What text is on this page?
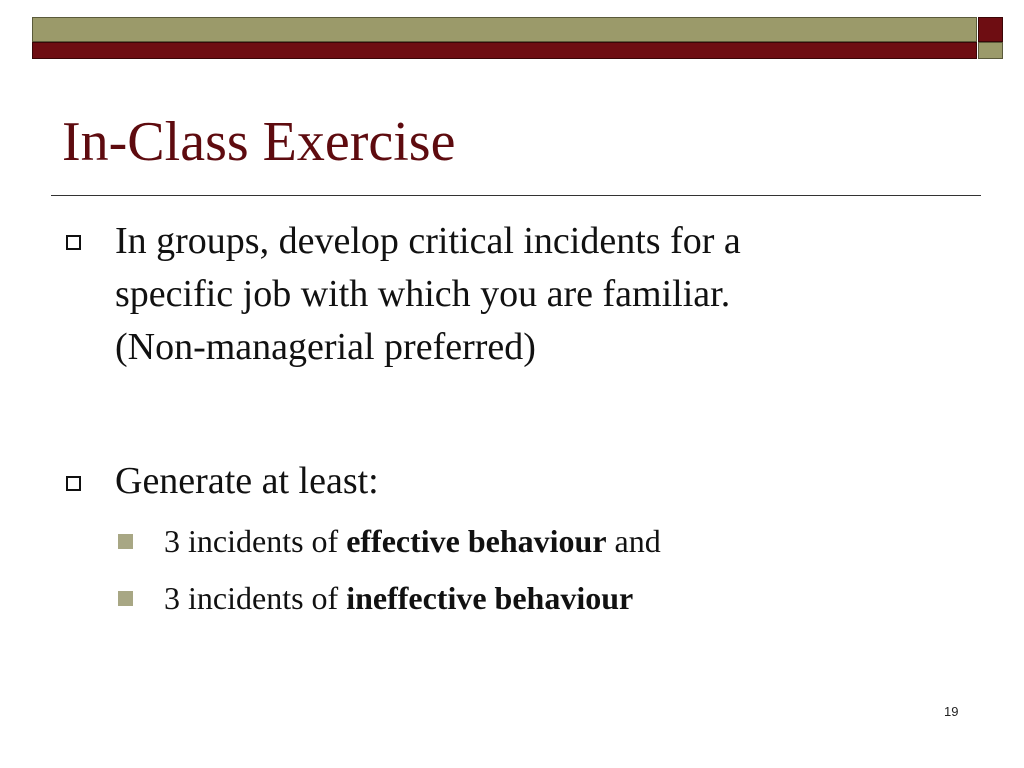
In-Class Exercise
In groups, develop critical incidents for a
specific job with which you are familiar.
(Non-managerial preferred)
Generate at least:
3 incidents of effective behaviour and
3 incidents of ineffective behaviour
19
